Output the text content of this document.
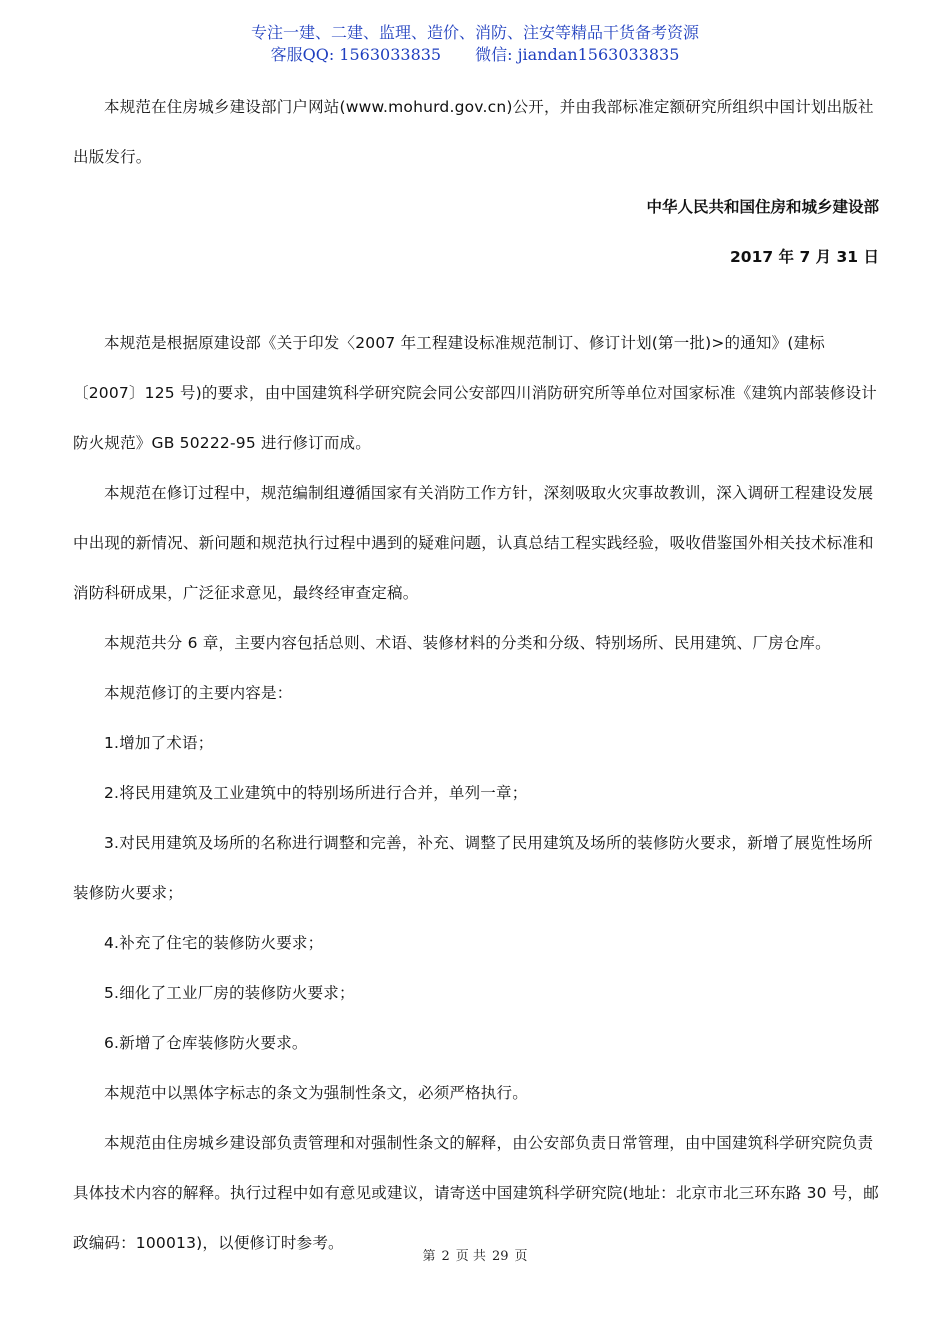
专注一建、二建、监理、造价、消防、注安等精品干货备考资源
客服QQ: 1563033835 微信: jiandan1563033835

本规范在住房城乡建设部门户网站(www.mohurd.gov.cn)公开，并由我部标准定额研究所组织中国计划出版社出版发行。

中华人民共和国住房和城乡建设部

2017 年 7 月 31 日

本规范是根据原建设部《关于印发〈2007 年工程建设标准规范制订、修订计划(第一批)>的通知》(建标〔2007〕125 号)的要求，由中国建筑科学研究院会同公安部四川消防研究所等单位对国家标准《建筑内部装修设计防火规范》GB 50222-95 进行修订而成。

本规范在修订过程中，规范编制组遵循国家有关消防工作方针，深刻吸取火灾事故教训，深入调研工程建设发展中出现的新情况、新问题和规范执行过程中遇到的疑难问题，认真总结工程实践经验，吸收借鉴国外相关技术标准和消防科研成果，广泛征求意见，最终经审查定稿。

本规范共分 6 章，主要内容包括总则、术语、装修材料的分类和分级、特别场所、民用建筑、厂房仓库。

本规范修订的主要内容是：

1.增加了术语；

2.将民用建筑及工业建筑中的特别场所进行合并，单列一章；

3.对民用建筑及场所的名称进行调整和完善，补充、调整了民用建筑及场所的装修防火要求，新增了展览性场所装修防火要求；

4.补充了住宅的装修防火要求；

5.细化了工业厂房的装修防火要求；

6.新增了仓库装修防火要求。

本规范中以黑体字标志的条文为强制性条文，必须严格执行。

本规范由住房城乡建设部负责管理和对强制性条文的解释，由公安部负责日常管理，由中国建筑科学研究院负责具体技术内容的解释。执行过程中如有意见或建议，请寄送中国建筑科学研究院(地址：北京市北三环东路 30 号，邮政编码：100013)，以便修订时参考。

第 2 页 共 29 页
